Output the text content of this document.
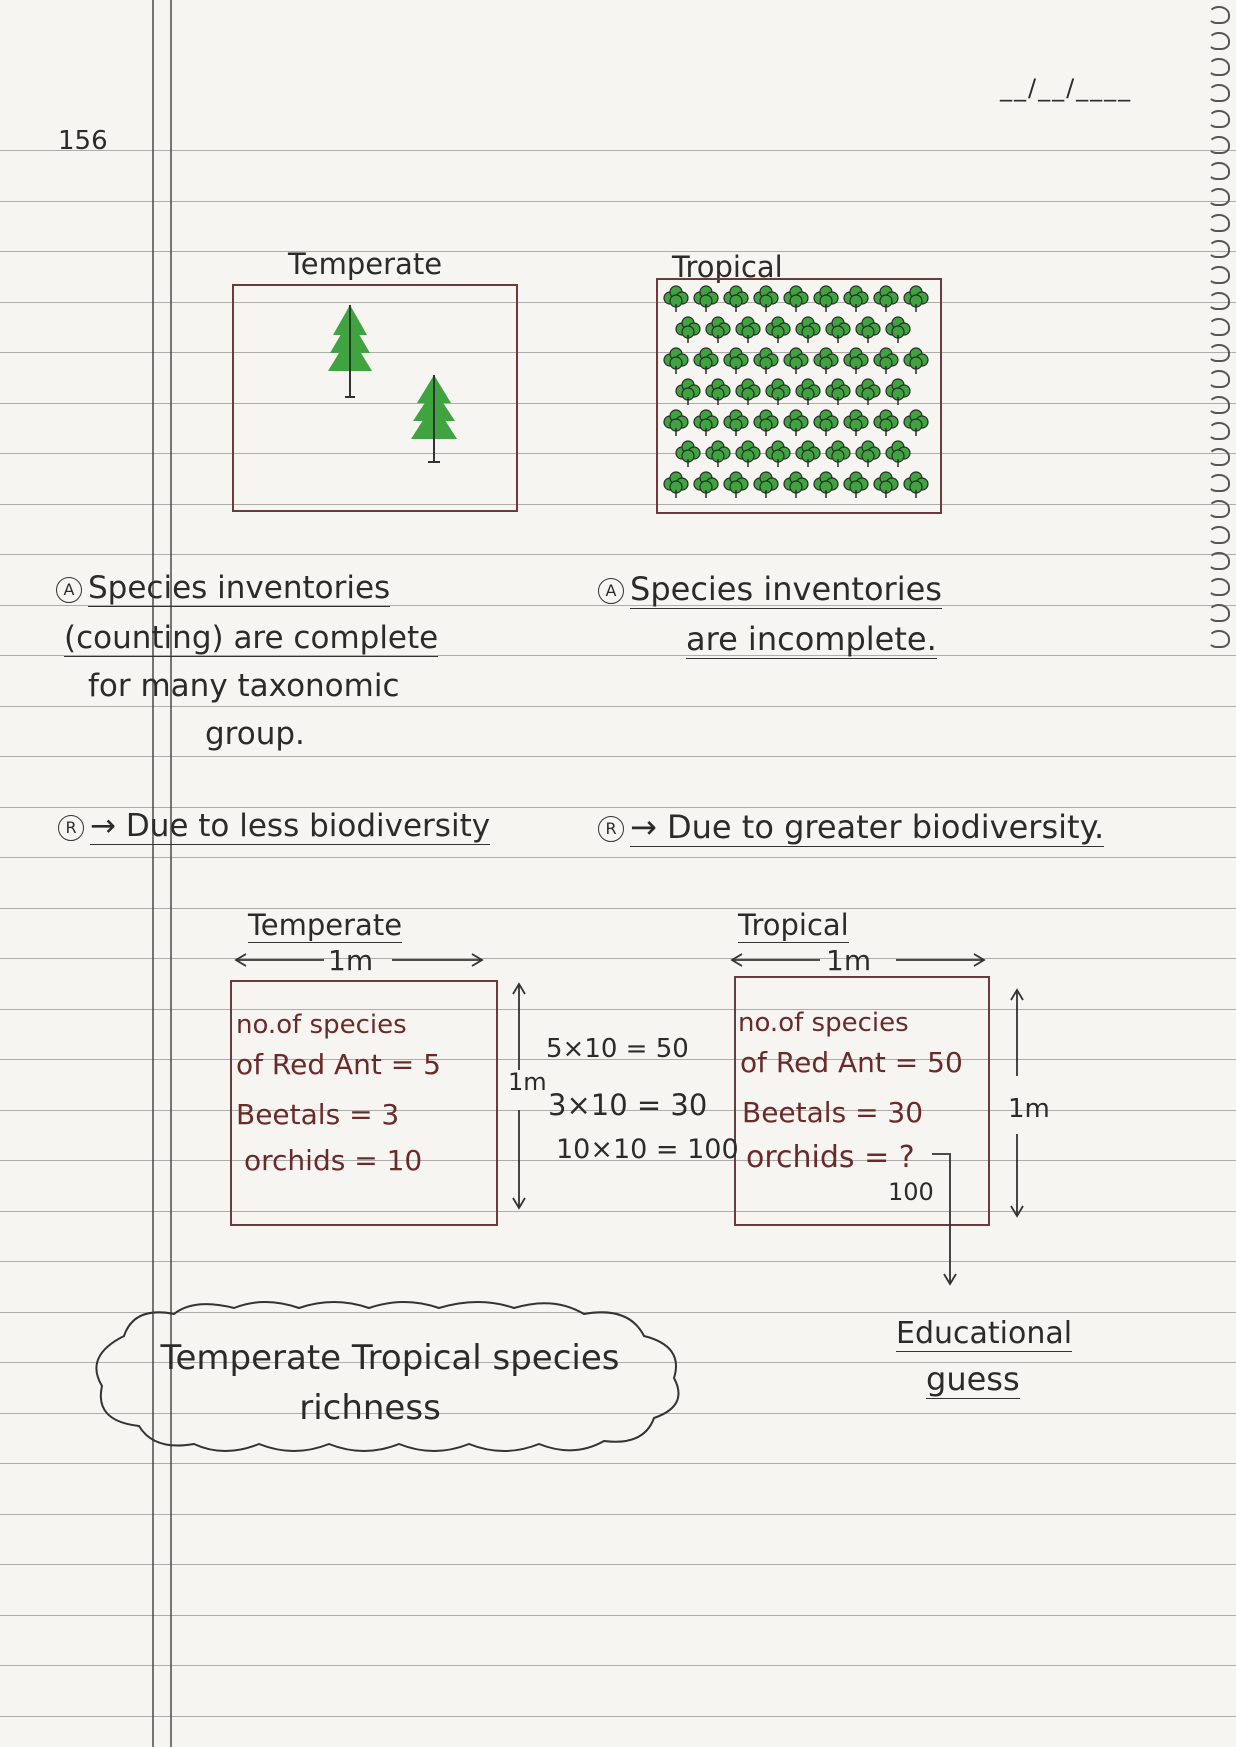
156
__/__/____
Temperate	Tropical
A Species inventories
(counting) are complete
for many taxonomic
group.
R → Due to less biodiversity
A Species inventories
are incomplete.
R → Due to greater biodiversity.
Temperate	Tropical
1m	1m
1m
1m
no.of species
of Red Ant = 5
Beetals = 3
orchids = 10
5×10 = 50
3×10 = 30
10×10 = 100
no.of species
of Red Ant = 50
Beetals = 30
orchids = ?
100
Educational
guess
Temperate Tropical species
richness
